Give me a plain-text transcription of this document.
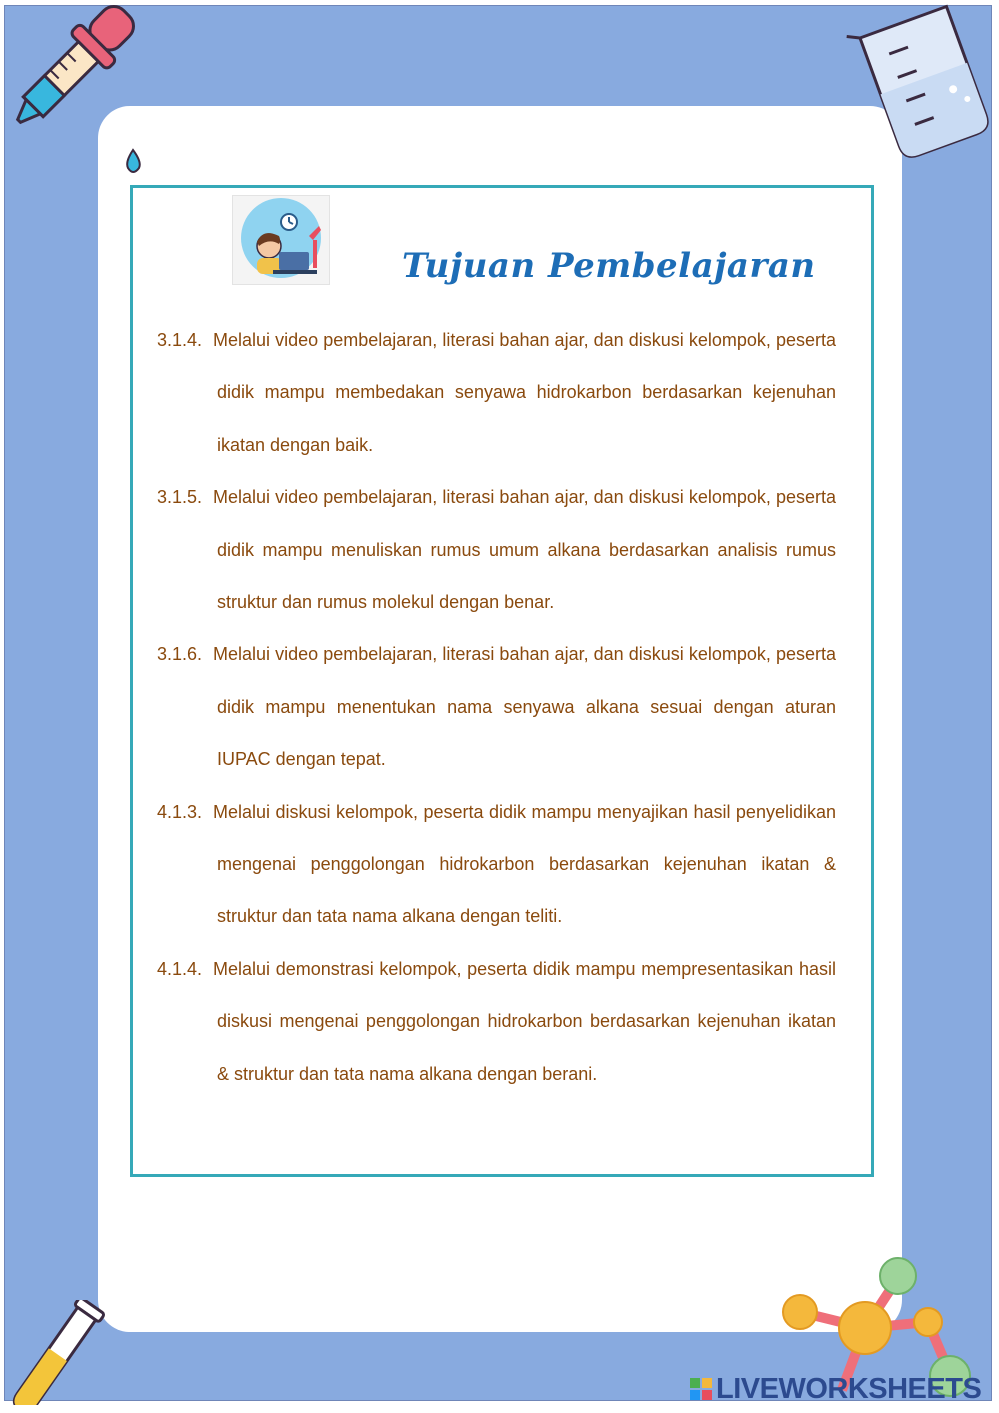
Tujuan Pembelajaran
3.1.4. Melalui video pembelajaran, literasi bahan ajar, dan diskusi kelompok, peserta didik mampu membedakan senyawa hidrokarbon berdasarkan kejenuhan ikatan dengan baik.
3.1.5. Melalui video pembelajaran, literasi bahan ajar, dan diskusi kelompok, peserta didik mampu menuliskan rumus umum alkana berdasarkan analisis rumus struktur dan rumus molekul dengan benar.
3.1.6. Melalui video pembelajaran, literasi bahan ajar, dan diskusi kelompok, peserta didik mampu menentukan nama senyawa alkana sesuai dengan aturan IUPAC dengan tepat.
4.1.3. Melalui diskusi kelompok, peserta didik mampu menyajikan hasil penyelidikan mengenai penggolongan hidrokarbon berdasarkan kejenuhan ikatan & struktur dan tata nama alkana dengan teliti.
4.1.4. Melalui demonstrasi kelompok, peserta didik mampu mempresentasikan hasil diskusi mengenai penggolongan hidrokarbon berdasarkan kejenuhan ikatan & struktur dan tata nama alkana dengan berani.
LIVEWORKSHEETS
